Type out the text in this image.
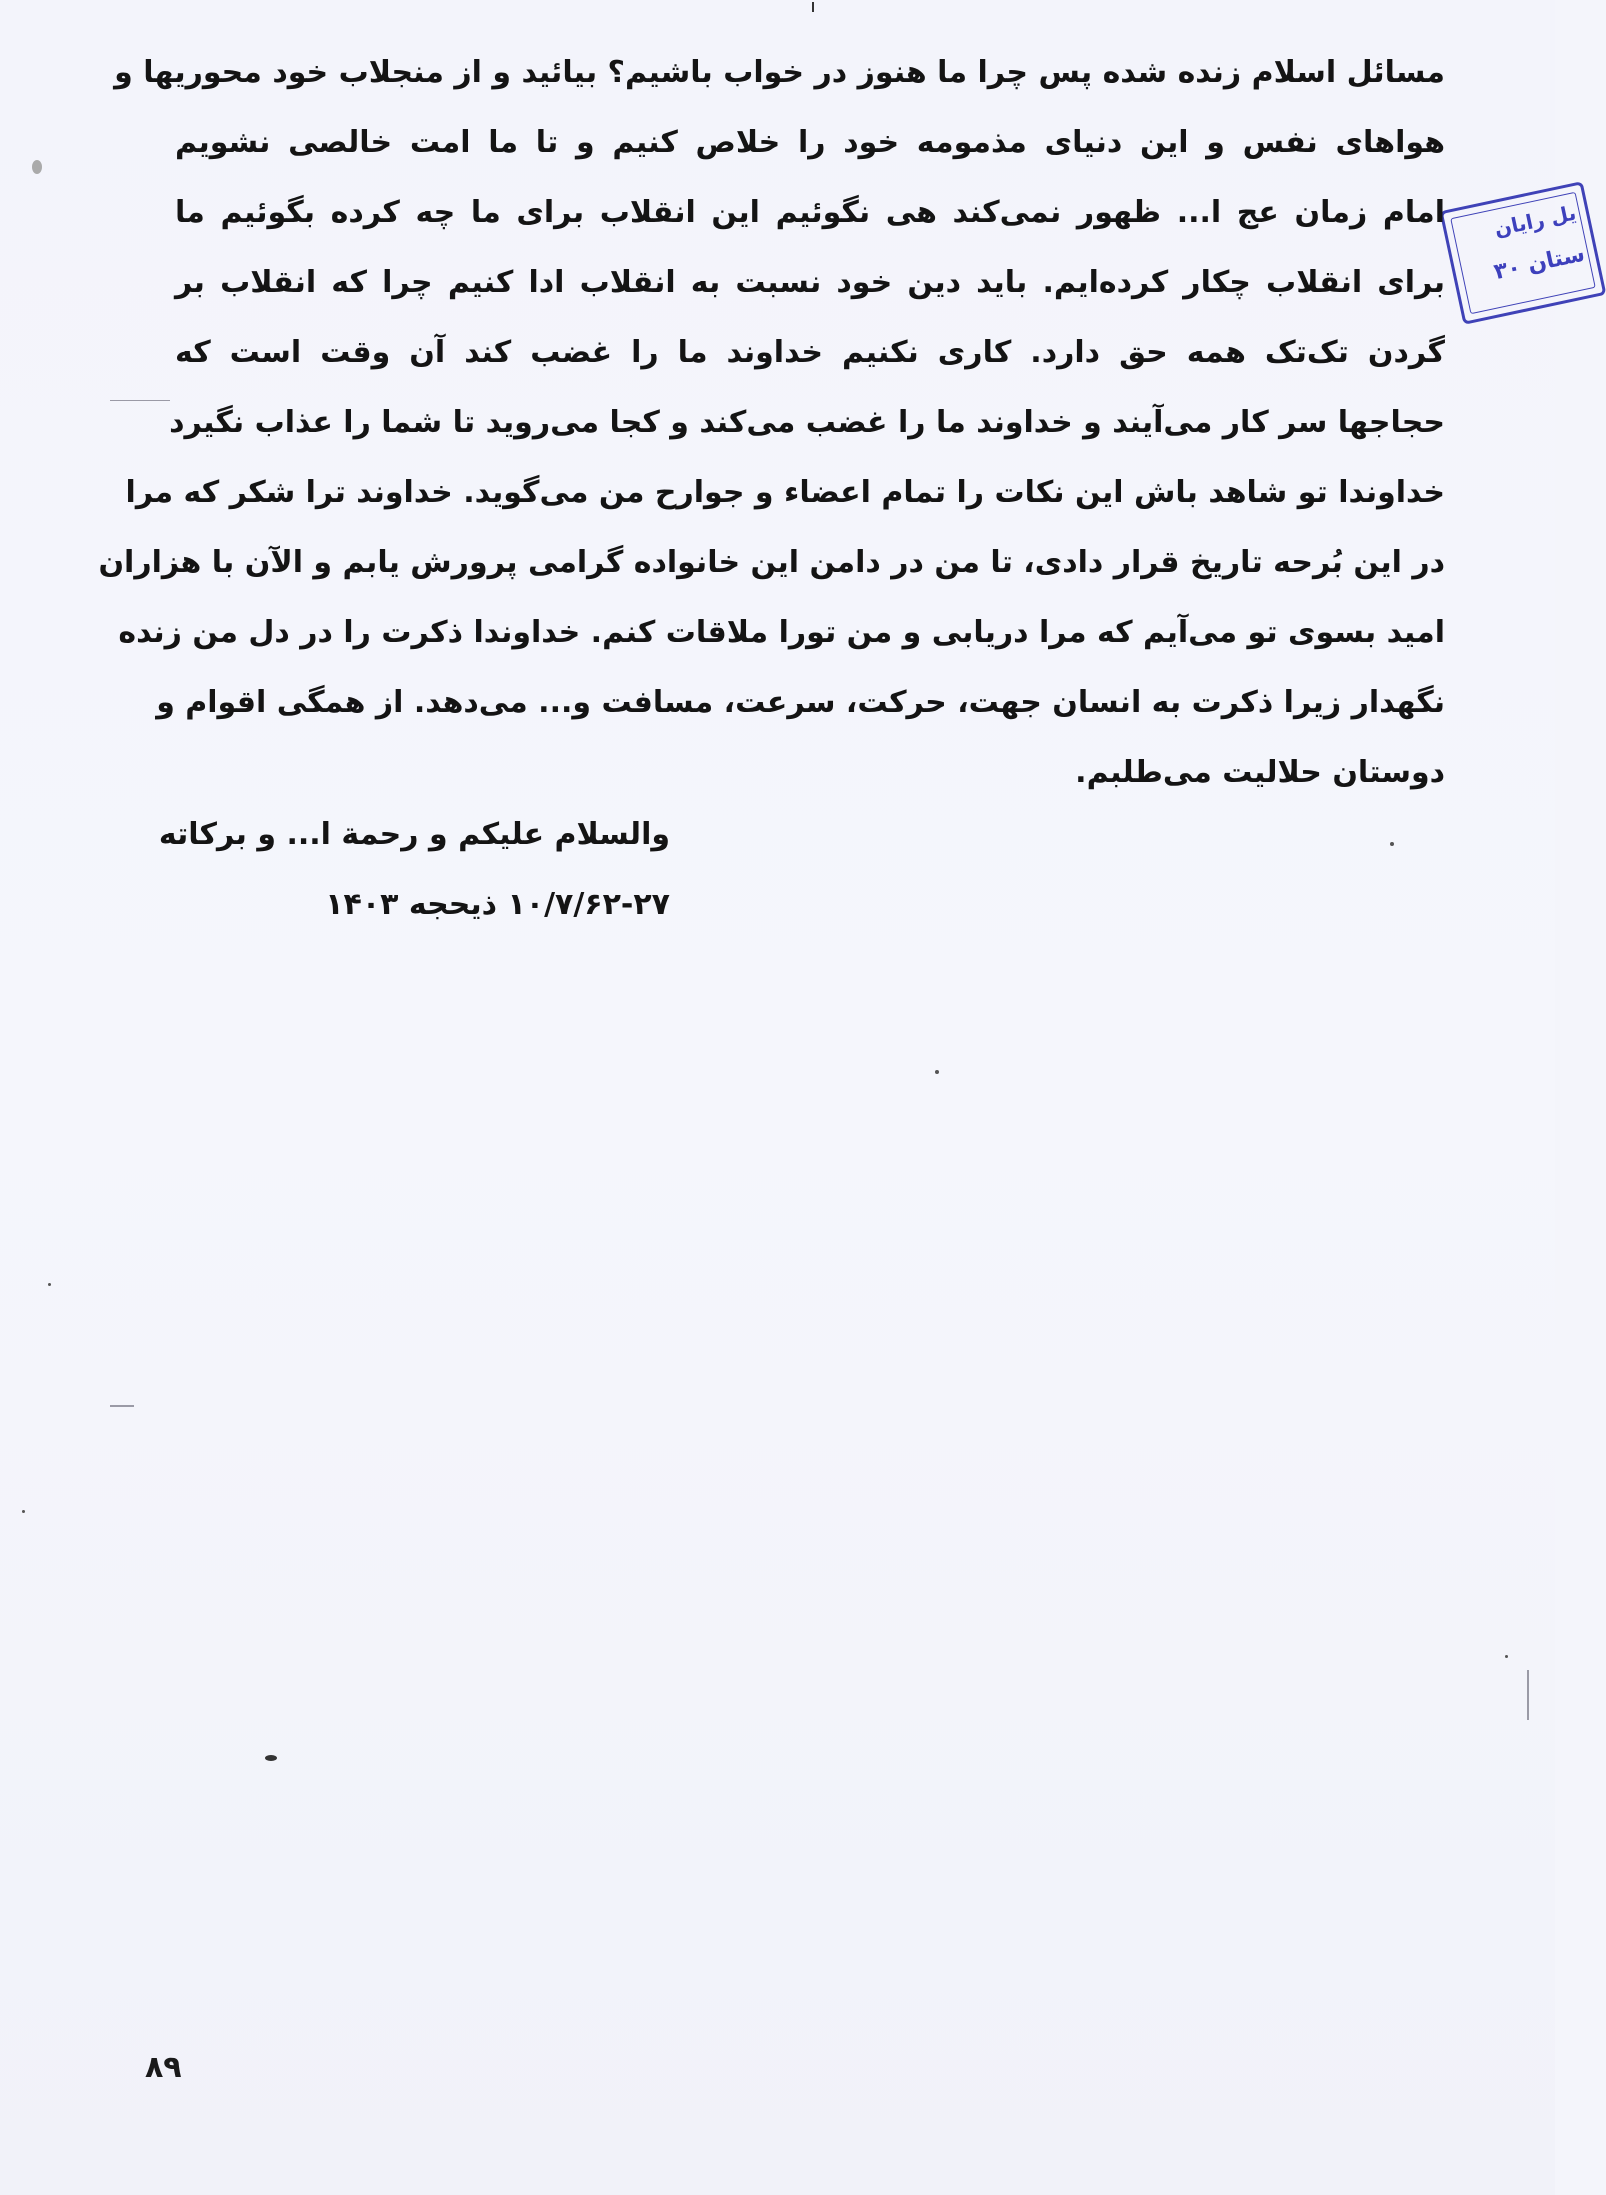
یل رایان
ستان ۳۰
مسائل اسلام زنده شده پس چرا ما هنوز در خواب باشیم؟ بیائید و از منجلاب خود محوریها و
هواهای نفس و این دنیای مذمومه خود را خلاص کنیم و تا ما امت خالصی نشویم
امام زمان عج ا... ظهور نمی‌کند هی نگوئیم این انقلاب برای ما چه کرده بگوئیم ما
برای انقلاب چکار کرده‌ایم. باید دین خود نسبت به انقلاب ادا کنیم چرا که انقلاب بر
گردن تک‌تک همه حق دارد. کاری نکنیم خداوند ما را غضب کند آن وقت است که
حجاجها سر کار می‌آیند و خداوند ما را غضب می‌کند و کجا می‌روید تا شما را عذاب نگیرد
خداوندا تو شاهد باش این نکات را تمام اعضاء و جوارح من می‌گوید. خداوند ترا شکر که مرا
در این بُرحه تاریخ قرار دادی، تا من در دامن این خانواده گرامی پرورش یابم و الآن با هزاران
امید بسوی تو می‌آیم که مرا دریابی و من تورا ملاقات کنم. خداوندا ذکرت را در دل من زنده
نگهدار زیرا ذکرت به انسان جهت، حرکت، سرعت، مسافت و... می‌دهد. از همگی اقوام و
دوستان حلالیت می‌طلبم.
والسلام علیکم و رحمة ا... و برکاته
۱۰/۷/۶۲-۲۷ ذیحجه ۱۴۰۳
۸۹
